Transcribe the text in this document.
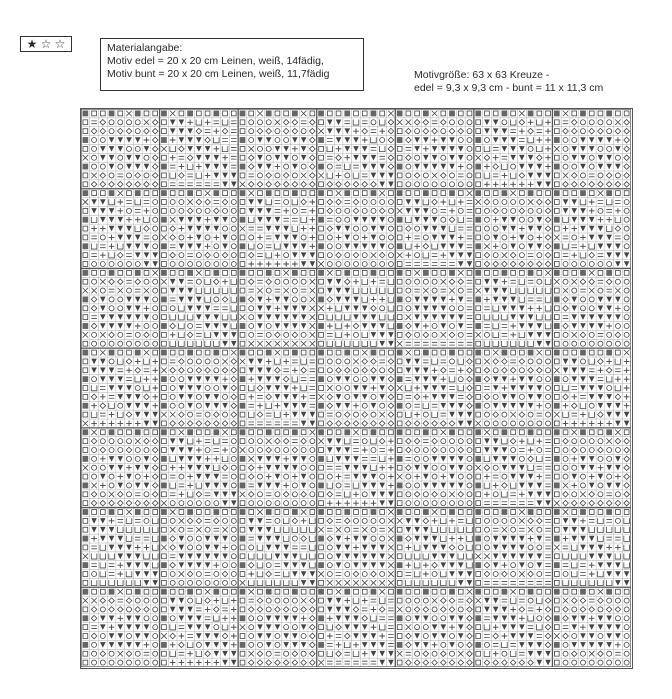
★ ☆ ☆	Materialangabe:
Motiv edel = 20 x 20 cm Leinen, weiß, 14fädig,
Motiv bunt = 20 x 20 cm Leinen, weiß, 11,7fädig	Motivgröße: 63 x 63 Kreuze -
edel = 9,3 x 9,3 cm - bunt = 11 x 11,3 cm
